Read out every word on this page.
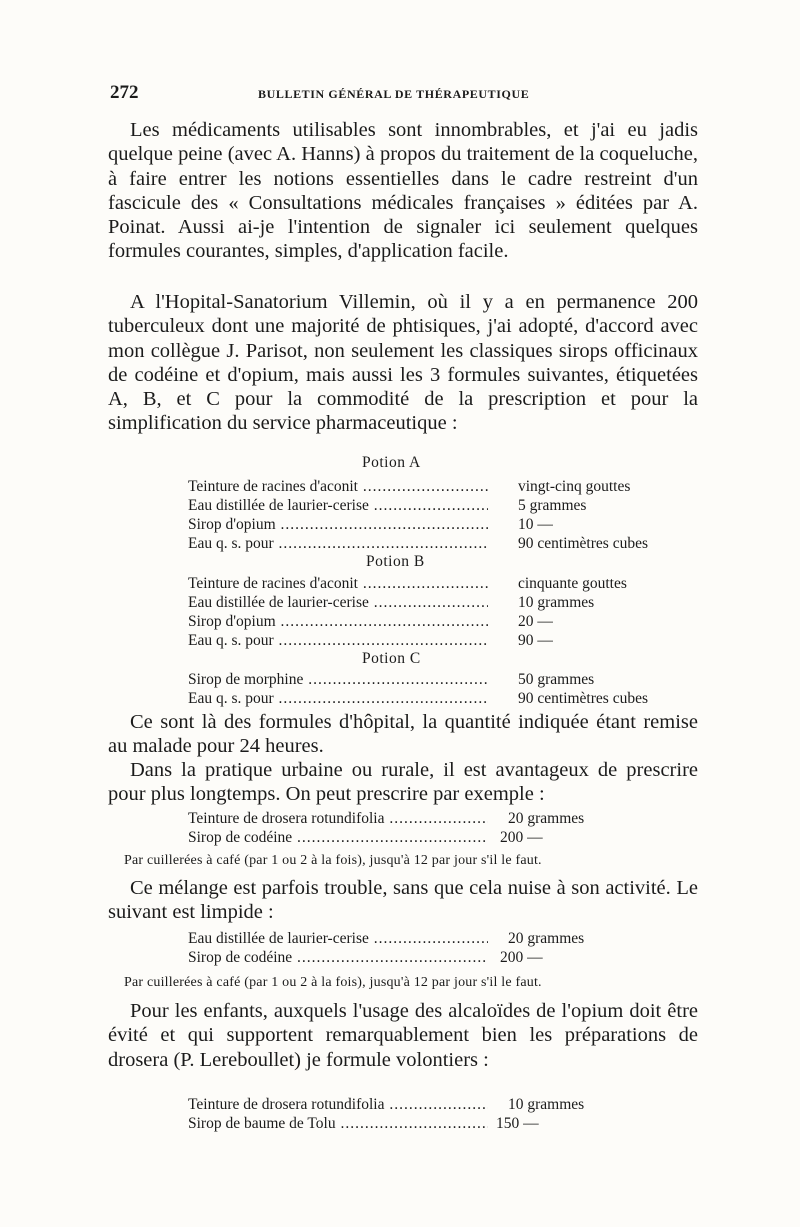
272	BULLETIN GÉNÉRAL DE THÉRAPEUTIQUE

Les médicaments utilisables sont innombrables, et j'ai eu jadis quelque peine (avec A. Hanns) à propos du traitement de la coqueluche, à faire entrer les notions essentielles dans le cadre restreint d'un fascicule des « Consultations médicales françaises » éditées par A. Poinat. Aussi ai-je l'intention de signaler ici seulement quelques formules courantes, simples, d'application facile.

A l'Hopital-Sanatorium Villemin, où il y a en permanence 200 tuberculeux dont une majorité de phtisiques, j'ai adopté, d'accord avec mon collègue J. Parisot, non seulement les classiques sirops officinaux de codéine et d'opium, mais aussi les 3 formules suivantes, étiquetées A, B, et C pour la commodité de la prescription et pour la simplification du service pharmaceutique :

Potion A
Teinture de racines d'aconit .....	vingt-cinq gouttes
Eau distillée de laurier-cerise .....	5 grammes
Sirop d'opium .....	10 —
Eau q. s. pour .....	90 centimètres cubes
Potion B
Teinture de racines d'aconit .....	cinquante gouttes
Eau distillée de laurier-cerise .....	10 grammes
Sirop d'opium .....	20 —
Eau q. s. pour .....	90 —
Potion C
Sirop de morphine .....	50 grammes
Eau q. s. pour .....	90 centimètres cubes

Ce sont là des formules d'hôpital, la quantité indiquée étant remise au malade pour 24 heures.

Dans la pratique urbaine ou rurale, il est avantageux de prescrire pour plus longtemps. On peut prescrire par exemple :

Teinture de drosera rotundifolia .....	20 grammes
Sirop de codéine .....	200 —
Par cuillerées à café (par 1 ou 2 à la fois), jusqu'à 12 par jour s'il le faut.

Ce mélange est parfois trouble, sans que cela nuise à son activité. Le suivant est limpide :

Eau distillée de laurier-cerise .....	20 grammes
Sirop de codéine .....	200 —
Par cuillerées à café (par 1 ou 2 à la fois), jusqu'à 12 par jour s'il le faut.

Pour les enfants, auxquels l'usage des alcaloïdes de l'opium doit être évité et qui supportent remarquablement bien les préparations de drosera (P. Lereboullet) je formule volontiers :

Teinture de drosera rotundifolia .....	10 grammes
Sirop de baume de Tolu .....	150 —
